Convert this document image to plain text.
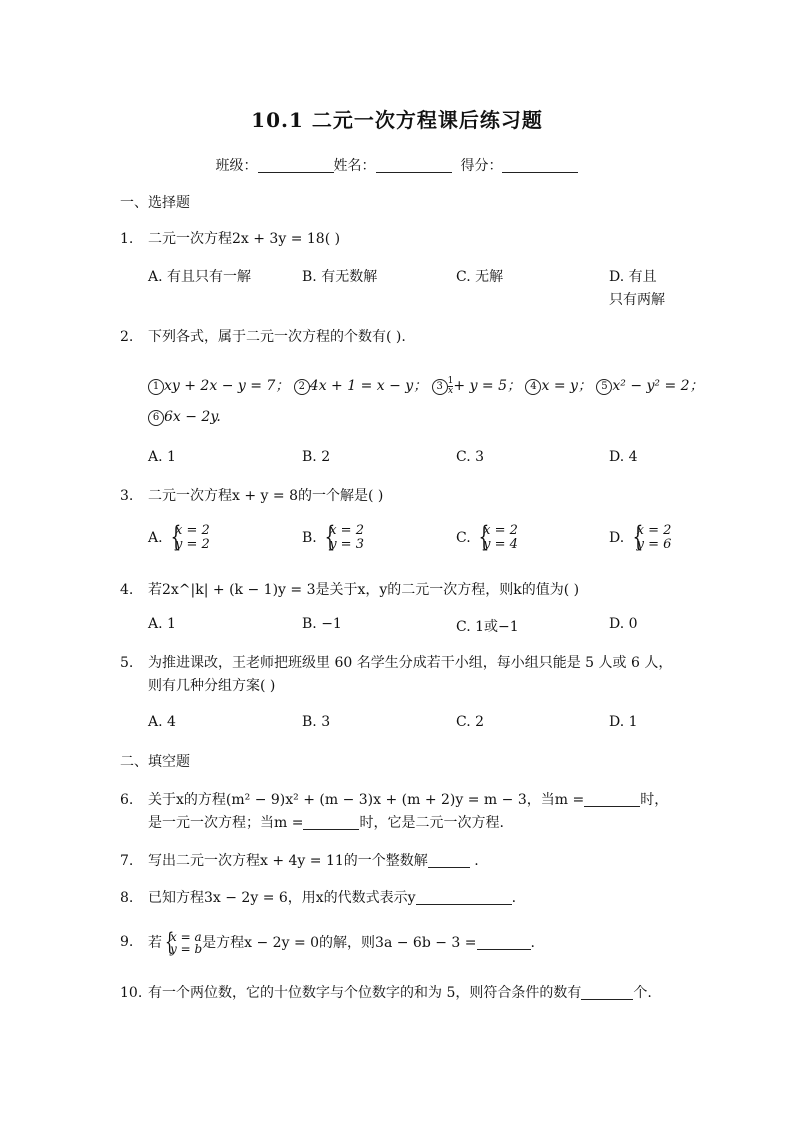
10.1 二元一次方程课后练习题
班级：	姓名：	得分：
一、选择题
1.	二元一次方程2x + 3y = 18( )
A. 有且只有一解	B. 有无数解	C. 无解	D. 有且只有两解
2.	下列各式，属于二元一次方程的个数有( ).
1 xy + 2x − y = 7； 2 4x + 1 = x − y； $3 \frac{1}{x} + y = 5$； 4 x = y； 5 x² − y² = 2；
6 6x − 2y.
A. 1	B. 2	C. 3	D. 4
3.	二元一次方程x + y = 8的一个解是( )
A. {
x = 2
y = 2	B. {
x = 2
y = 3	C. {
x = 2
y = 4	D. {
x = 2
y = 6
4.	若2x^|k| + (k − 1)y = 3是关于x，y的二元一次方程，则k的值为( )
A. 1	B. −1	C. 1或−1	D. 0
5.	为推进课改，王老师把班级里 60 名学生分成若干小组，每小组只能是 5 人或 6 人，则有几种分组方案( )
A. 4	B. 3	C. 2	D. 1
二、填空题
6.	关于x的方程(m² − 9)x² + (m − 3)x + (m + 2)y = m − 3，当m =	时，是一元一次方程；当m =	时，它是二元一次方程.
7.	写出二元一次方程x + 4y = 11的一个整数解	.
8.	已知方程3x − 2y = 6，用x的代数式表示y	.
9.	若 {
x = a
y = b 是方程x − 2y = 0的解，则3a − 6b − 3 =	.
10. 有一个两位数，它的十位数字与个位数字的和为 5，则符合条件的数有	个.
